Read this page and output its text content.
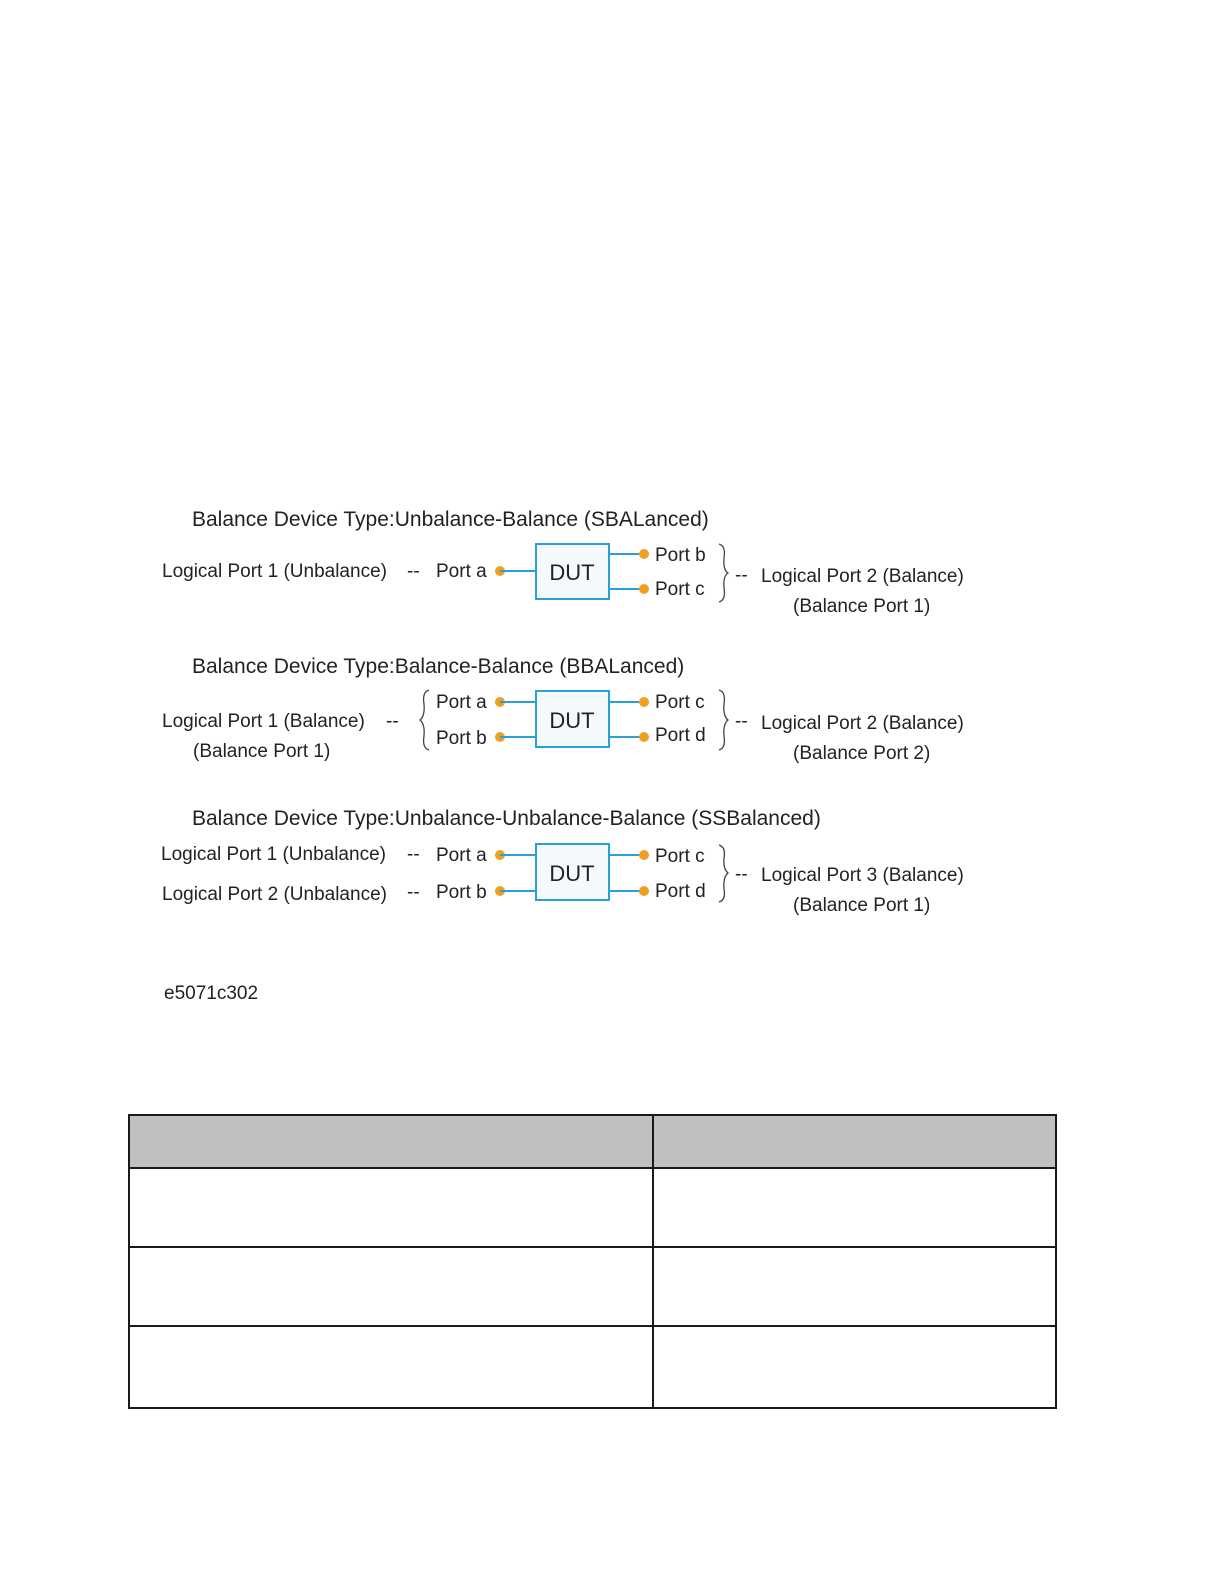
Balance Device Type:Unbalance-Balance (SBALanced)
Logical Port 1 (Unbalance) -- Port a	DUT
Port b
Port c
-- Logical Port 2 (Balance)
(Balance Port 1)
Balance Device Type:Balance-Balance (BBALanced)
Logical Port 1 (Balance)
(Balance Port 1)
--
Port a
Port b
DUT
Port c
Port d
-- Logical Port 2 (Balance)
(Balance Port 2)
Balance Device Type:Unbalance-Unbalance-Balance (SSBalanced)
Logical Port 1 (Unbalance)
Logical Port 2 (Unbalance)
--
--
Port a
Port b
DUT
Port c
Port d
-- Logical Port 3 (Balance)
(Balance Port 1)
e5071c302
